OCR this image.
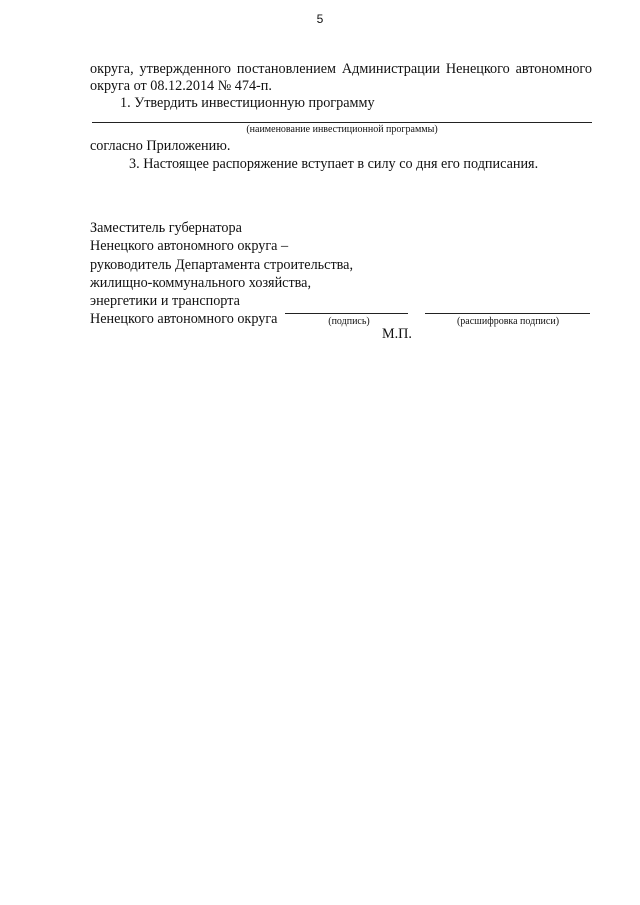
5
округа, утвержденного постановлением Администрации Ненецкого автономного
округа от 08.12.2014 № 474-п.
1. Утвердить инвестиционную программу
(наименование инвестиционной программы)
согласно Приложению.
3. Настоящее распоряжение вступает в силу со дня его подписания.
Заместитель губернатора
Ненецкого автономного округа –
руководитель Департамента строительства,
жилищно-коммунального хозяйства,
энергетики и транспорта
Ненецкого автономного округа	(подпись)	(расшифровка подписи)
М.П.
